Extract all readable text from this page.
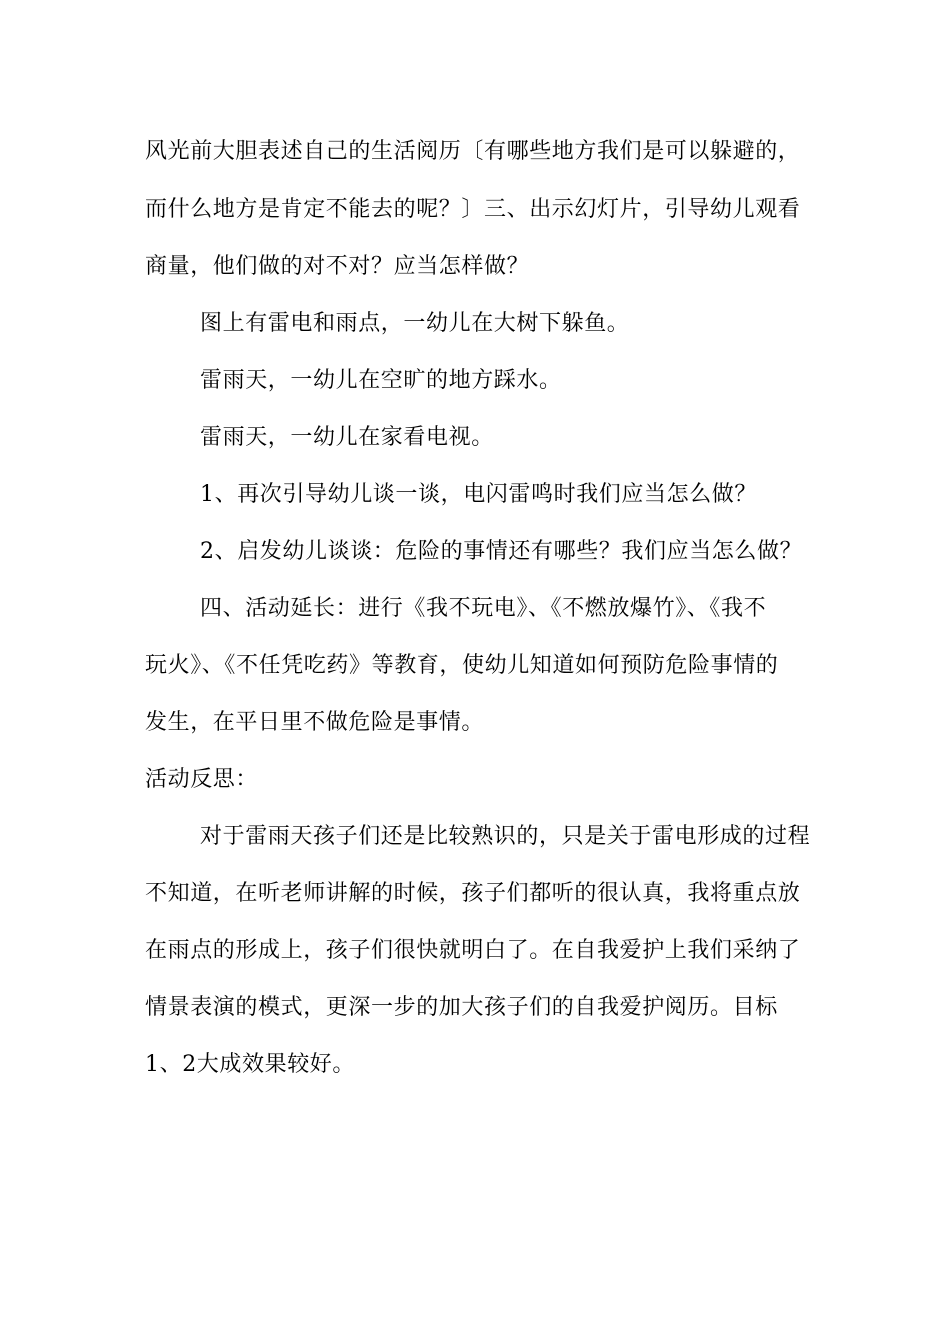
风光前大胆表述自己的生活阅历〔有哪些地方我们是可以躲避的，
而什么地方是肯定不能去的呢？〕三、出示幻灯片，引导幼儿观看
商量，他们做的对不对？应当怎样做？
图上有雷电和雨点，一幼儿在大树下躲鱼。
雷雨天，一幼儿在空旷的地方踩水。
雷雨天，一幼儿在家看电视。
1、再次引导幼儿谈一谈，电闪雷鸣时我们应当怎么做？
2、启发幼儿谈谈：危险的事情还有哪些？我们应当怎么做？
四、活动延长：进行《我不玩电》、《不燃放爆竹》、《我不
玩火》、《不任凭吃药》等教育，使幼儿知道如何预防危险事情的
发生，在平日里不做危险是事情。
活动反思：
对于雷雨天孩子们还是比较熟识的，只是关于雷电形成的过程
不知道，在听老师讲解的时候，孩子们都听的很认真，我将重点放
在雨点的形成上，孩子们很快就明白了。在自我爱护上我们采纳了
情景表演的模式，更深一步的加大孩子们的自我爱护阅历。目标
1、2大成效果较好。
